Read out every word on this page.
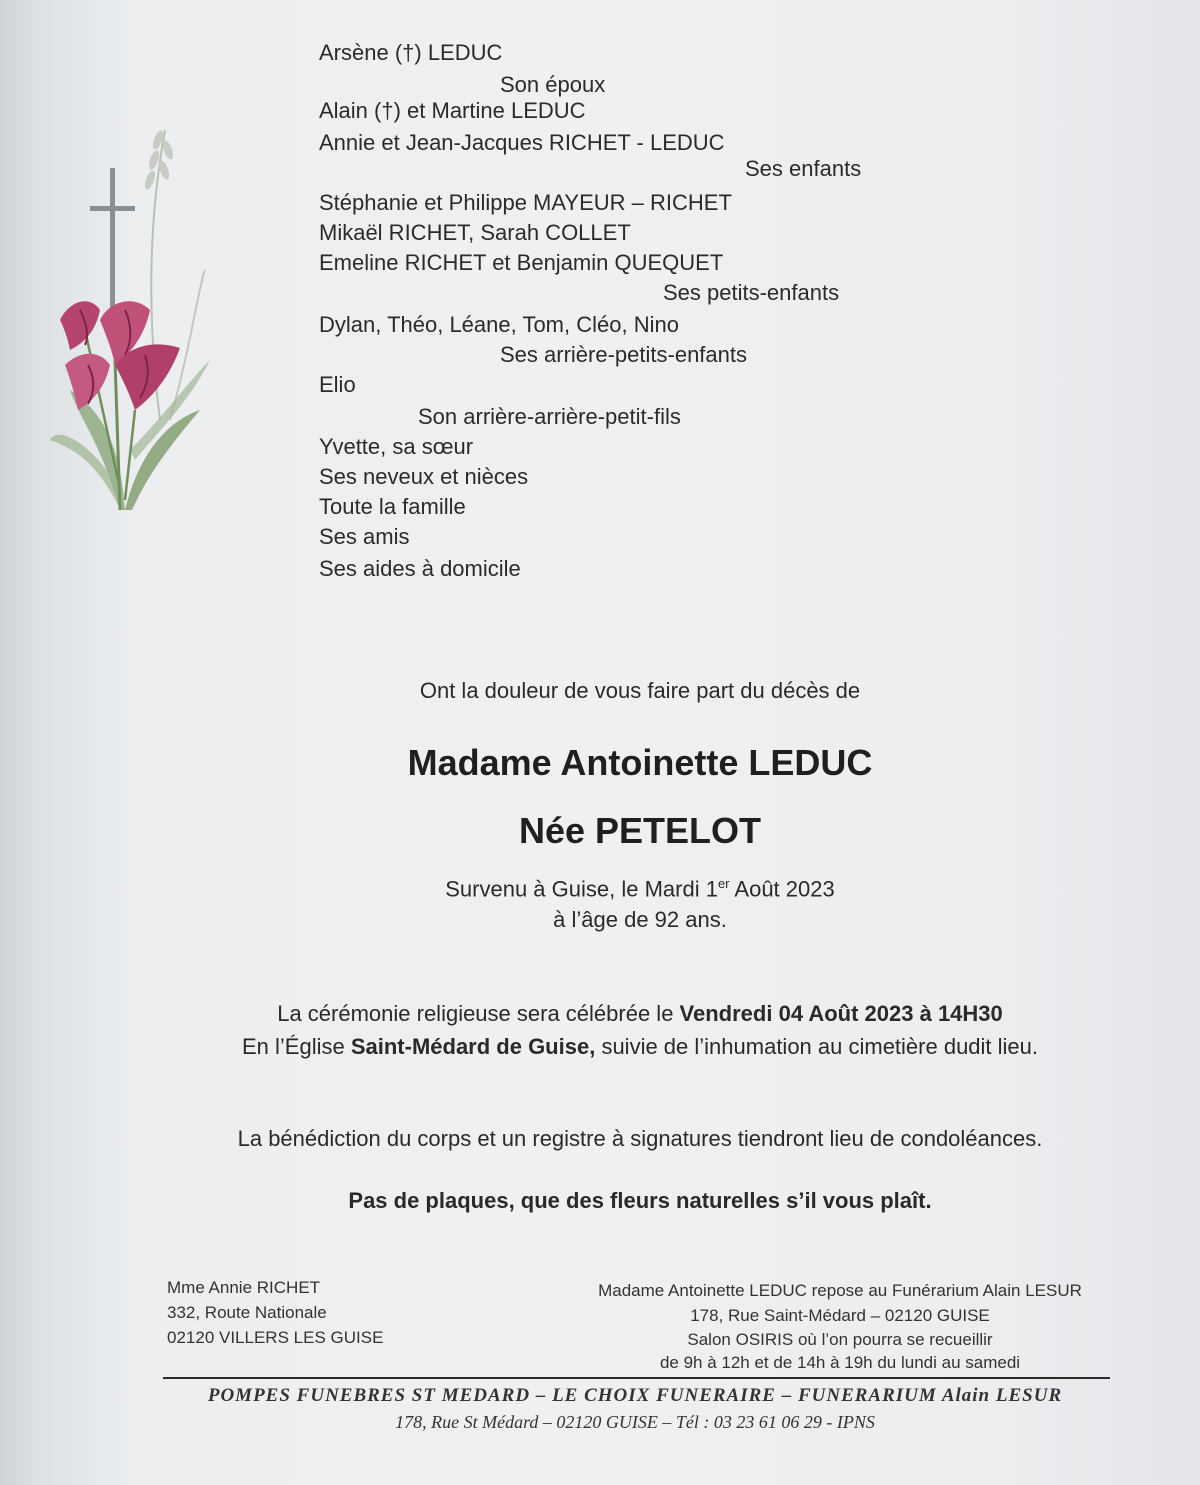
Arsène (†) LEDUC
Son époux
Alain (†) et Martine LEDUC
Annie et Jean-Jacques RICHET - LEDUC
Ses enfants
Stéphanie et Philippe MAYEUR – RICHET
Mikaël RICHET, Sarah COLLET
Emeline RICHET et Benjamin QUEQUET
Ses petits-enfants
Dylan, Théo, Léane, Tom, Cléo, Nino
Ses arrière-petits-enfants
Elio
Son arrière-arrière-petit-fils
Yvette, sa sœur
Ses neveux et nièces
Toute la famille
Ses amis
Ses aides à domicile
Ont la douleur de vous faire part du décès de
Madame Antoinette LEDUC
Née PETELOT
Survenu à Guise, le Mardi 1er Août 2023
à l’âge de 92 ans.
La cérémonie religieuse sera célébrée le Vendredi 04 Août 2023 à 14H30
En l’Église Saint-Médard de Guise, suivie de l’inhumation au cimetière dudit lieu.
La bénédiction du corps et un registre à signatures tiendront lieu de condoléances.
Pas de plaques, que des fleurs naturelles s’il vous plaît.
Mme Annie RICHET
332, Route Nationale
02120 VILLERS LES GUISE
Madame Antoinette LEDUC repose au Funérarium Alain LESUR
178, Rue Saint-Médard – 02120 GUISE
Salon OSIRIS où l’on pourra se recueillir
de 9h à 12h et de 14h à 19h du lundi au samedi
POMPES FUNEBRES ST MEDARD – LE CHOIX FUNERAIRE – FUNERARIUM Alain LESUR
178, Rue St Médard – 02120 GUISE – Tél : 03 23 61 06 29 - IPNS
